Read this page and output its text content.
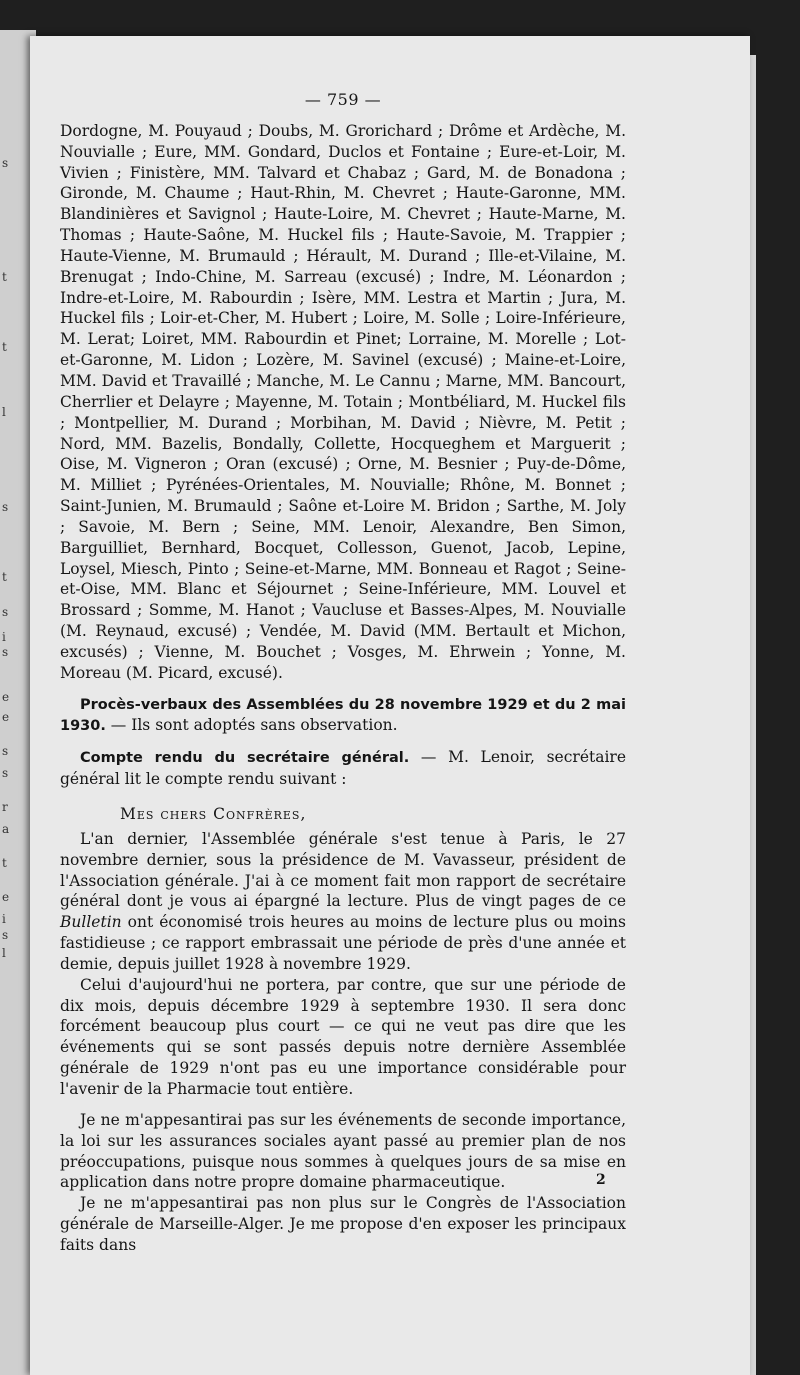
s
t
t
l
s
t
s
i
s
e
e
s
s
r
a
t
e
i
s
l
— 759 —

Dordogne, M. Pouyaud ; Doubs, M. Grorichard ; Drôme et Ardèche, M. Nouvialle ; Eure, MM. Gondard, Duclos et Fontaine ; Eure-et-Loir, M. Vivien ; Finistère, MM. Talvard et Chabaz ; Gard, M. de Bonadona ; Gironde, M. Chaume ; Haut-Rhin, M. Chevret ; Haute-Garonne, MM. Blandinières et Savignol ; Haute-Loire, M. Chevret ; Haute-Marne, M. Thomas ; Haute-Saône, M. Huckel fils ; Haute-Savoie, M. Trappier ; Haute-Vienne, M. Brumauld ; Hérault, M. Durand ; Ille-et-Vilaine, M. Brenugat ; Indo-Chine, M. Sarreau (excusé) ; Indre, M. Léonardon ; Indre-et-Loire, M. Rabourdin ; Isère, MM. Lestra et Martin ; Jura, M. Huckel fils ; Loir-et-Cher, M. Hubert ; Loire, M. Solle ; Loire-Inférieure, M. Lerat; Loiret, MM. Rabourdin et Pinet; Lorraine, M. Morelle ; Lot-et-Garonne, M. Lidon ; Lozère, M. Savinel (excusé) ; Maine-et-Loire, MM. David et Travaillé ; Manche, M. Le Cannu ; Marne, MM. Bancourt, Cherrlier et Delayre ; Mayenne, M. Totain ; Montbéliard, M. Huckel fils ; Montpellier, M. Durand ; Morbihan, M. David ; Nièvre, M. Petit ; Nord, MM. Bazelis, Bondally, Collette, Hocqueghem et Marguerit ; Oise, M. Vigneron ; Oran (excusé) ; Orne, M. Besnier ; Puy-de-Dôme, M. Milliet ; Pyrénées-Orientales, M. Nouvialle; Rhône, M. Bonnet ; Saint-Junien, M. Brumauld ; Saône et-Loire M. Bridon ; Sarthe, M. Joly ; Savoie, M. Bern ; Seine, MM. Lenoir, Alexandre, Ben Simon, Barguilliet, Bernhard, Bocquet, Collesson, Guenot, Jacob, Lepine, Loysel, Miesch, Pinto ; Seine-et-Marne, MM. Bonneau et Ragot ; Seine-et-Oise, MM. Blanc et Séjournet ; Seine-Inférieure, MM. Louvel et Brossard ; Somme, M. Hanot ; Vaucluse et Basses-Alpes, M. Nouvialle (M. Reynaud, excusé) ; Vendée, M. David (MM. Bertault et Michon, excusés) ; Vienne, M. Bouchet ; Vosges, M. Ehrwein ; Yonne, M. Moreau (M. Picard, excusé).

Procès-verbaux des Assemblées du 28 novembre 1929 et du 2 mai 1930. — Ils sont adoptés sans observation.

Compte rendu du secrétaire général. — M. Lenoir, secrétaire général lit le compte rendu suivant :

Mes chers Confrères,

L'an dernier, l'Assemblée générale s'est tenue à Paris, le 27 novembre dernier, sous la présidence de M. Vavasseur, président de l'Association générale. J'ai à ce moment fait mon rapport de secrétaire général dont je vous ai épargné la lecture. Plus de vingt pages de ce Bulletin ont économisé trois heures au moins de lecture plus ou moins fastidieuse ; ce rapport embrassait une période de près d'une année et demie, depuis juillet 1928 à novembre 1929.

Celui d'aujourd'hui ne portera, par contre, que sur une période de dix mois, depuis décembre 1929 à septembre 1930. Il sera donc forcément beaucoup plus court — ce qui ne veut pas dire que les événements qui se sont passés depuis notre dernière Assemblée générale de 1929 n'ont pas eu une importance considérable pour l'avenir de la Pharmacie tout entière.

Je ne m'appesantirai pas sur les événements de seconde importance, la loi sur les assurances sociales ayant passé au premier plan de nos préoccupations, puisque nous sommes à quelques jours de sa mise en application dans notre propre domaine pharmaceutique.

Je ne m'appesantirai pas non plus sur le Congrès de l'Association générale de Marseille-Alger. Je me propose d'en exposer les principaux faits dans

2
